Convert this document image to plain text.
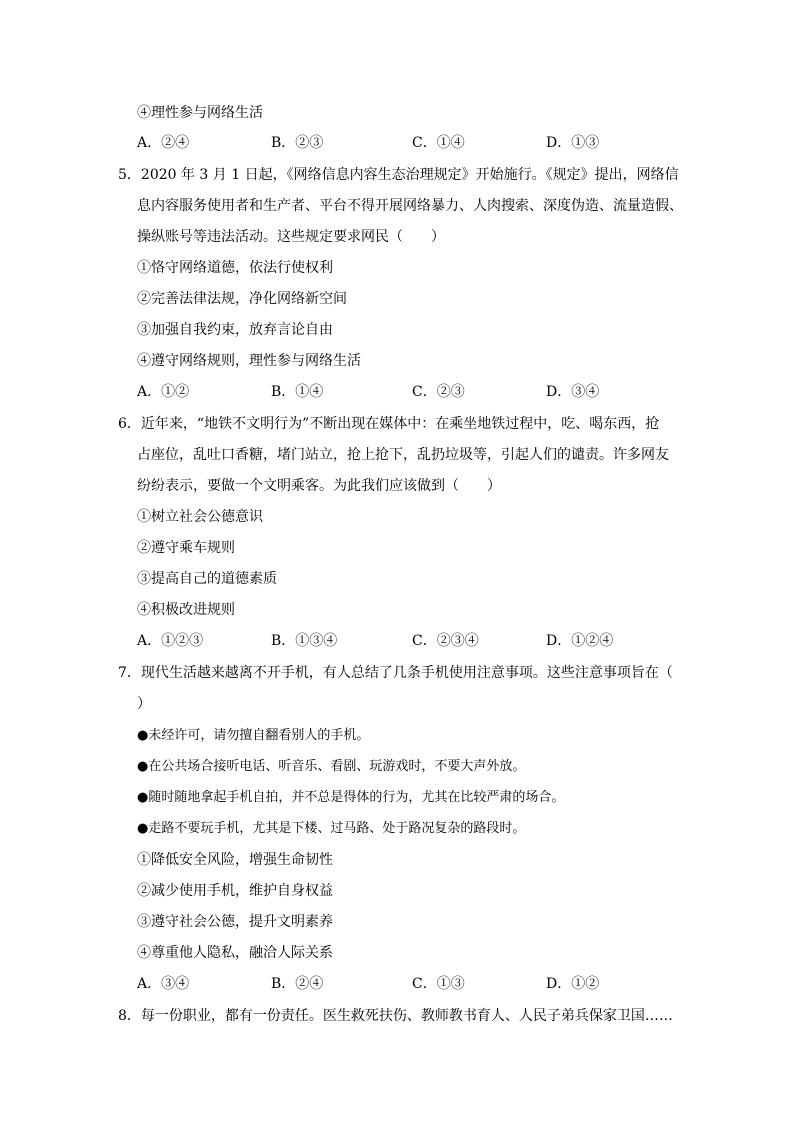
④理性参与网络生活
A．②④	B．②③	C．①④	D．①③
5．2020 年 3 月 1 日起，《网络信息内容生态治理规定》开始施行。《规定》提出，网络信
息内容服务使用者和生产者、平台不得开展网络暴力、人肉搜索、深度伪造、流量造假、
操纵账号等违法活动。这些规定要求网民（　　）
①恪守网络道德，依法行使权利
②完善法律法规，净化网络新空间
③加强自我约束，放弃言论自由
④遵守网络规则，理性参与网络生活
A．①②	B．①④	C．②③	D．③④
6．近年来，“地铁不文明行为”不断出现在媒体中：在乘坐地铁过程中，吃、喝东西，抢
占座位，乱吐口香糖，堵门站立，抢上抢下，乱扔垃圾等，引起人们的谴责。许多网友
纷纷表示，要做一个文明乘客。为此我们应该做到（　　）
①树立社会公德意识
②遵守乘车规则
③提高自己的道德素质
④积极改进规则
A．①②③	B．①③④	C．②③④	D．①②④
7．现代生活越来越离不开手机，有人总结了几条手机使用注意事项。这些注意事项旨在（
）
●未经许可，请勿擅自翻看别人的手机。
●在公共场合接听电话、听音乐、看剧、玩游戏时，不要大声外放。
●随时随地拿起手机自拍，并不总是得体的行为，尤其在比较严肃的场合。
●走路不要玩手机，尤其是下楼、过马路、处于路况复杂的路段时。
①降低安全风险，增强生命韧性
②减少使用手机，维护自身权益
③遵守社会公德，提升文明素养
④尊重他人隐私，融洽人际关系
A．③④	B．②④	C．①③	D．①②
8．每一份职业，都有一份责任。医生救死扶伤、教师教书育人、人民子弟兵保家卫国……
